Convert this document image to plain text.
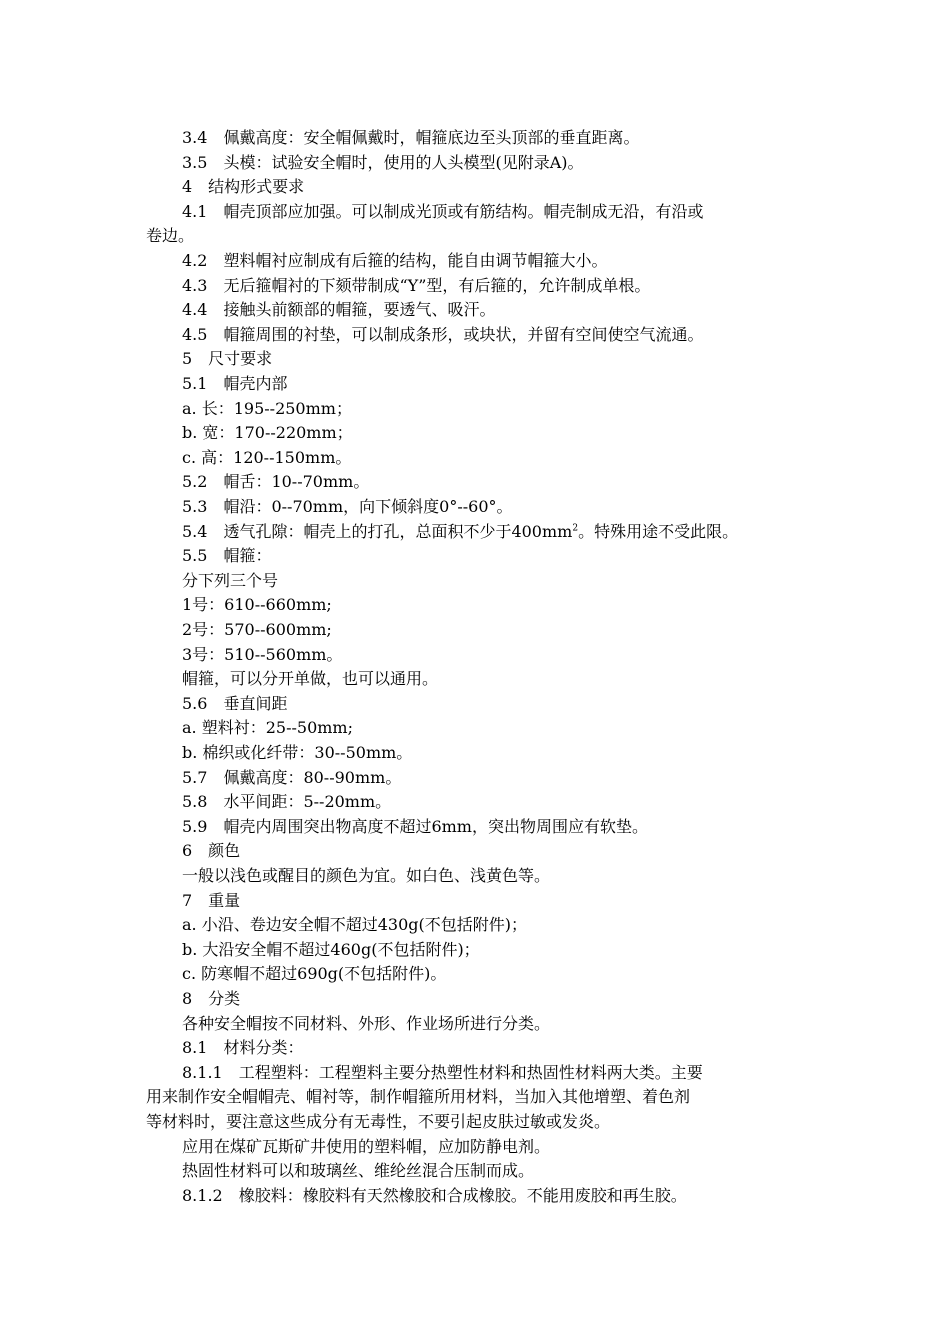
3.4　佩戴高度：安全帽佩戴时，帽箍底边至头顶部的垂直距离。
3.5　头模：试验安全帽时，使用的人头模型(见附录A)。
4　结构形式要求
4.1　帽壳顶部应加强。可以制成光顶或有筋结构。帽壳制成无沿，有沿或
卷边。
4.2　塑料帽衬应制成有后箍的结构，能自由调节帽箍大小。
4.3　无后箍帽衬的下颏带制成“Y”型，有后箍的，允许制成单根。
4.4　接触头前额部的帽箍，要透气、吸汗。
4.5　帽箍周围的衬垫，可以制成条形，或块状，并留有空间使空气流通。
5　尺寸要求
5.1　帽壳内部
a. 长：195--250mm；
b. 宽：170--220mm；
c. 高：120--150mm。
5.2　帽舌：10--70mm。
5.3　帽沿：0--70mm，向下倾斜度0°--60°。
5.4　透气孔隙：帽壳上的打孔，总面积不少于$400mm^2$。特殊用途不受此限。
5.5　帽箍：
分下列三个号
1号：610--660mm;
2号：570--600mm;
3号：510--560mm。
帽箍，可以分开单做，也可以通用。
5.6　垂直间距
a. 塑料衬：25--50mm;
b. 棉织或化纤带：30--50mm。
5.7　佩戴高度：80--90mm。
5.8　水平间距：5--20mm。
5.9　帽壳内周围突出物高度不超过6mm，突出物周围应有软垫。
6　颜色
一般以浅色或醒目的颜色为宜。如白色、浅黄色等。
7　重量
a. 小沿、卷边安全帽不超过430g(不包括附件)；
b. 大沿安全帽不超过460g(不包括附件)；
c. 防寒帽不超过690g(不包括附件)。
8　分类
各种安全帽按不同材料、外形、作业场所进行分类。
8.1　材料分类：
8.1.1　工程塑料：工程塑料主要分热塑性材料和热固性材料两大类。主要
用来制作安全帽帽壳、帽衬等，制作帽箍所用材料，当加入其他增塑、着色剂
等材料时，要注意这些成分有无毒性，不要引起皮肤过敏或发炎。
应用在煤矿瓦斯矿井使用的塑料帽，应加防静电剂。
热固性材料可以和玻璃丝、维纶丝混合压制而成。
8.1.2　橡胶料：橡胶料有天然橡胶和合成橡胶。不能用废胶和再生胶。
